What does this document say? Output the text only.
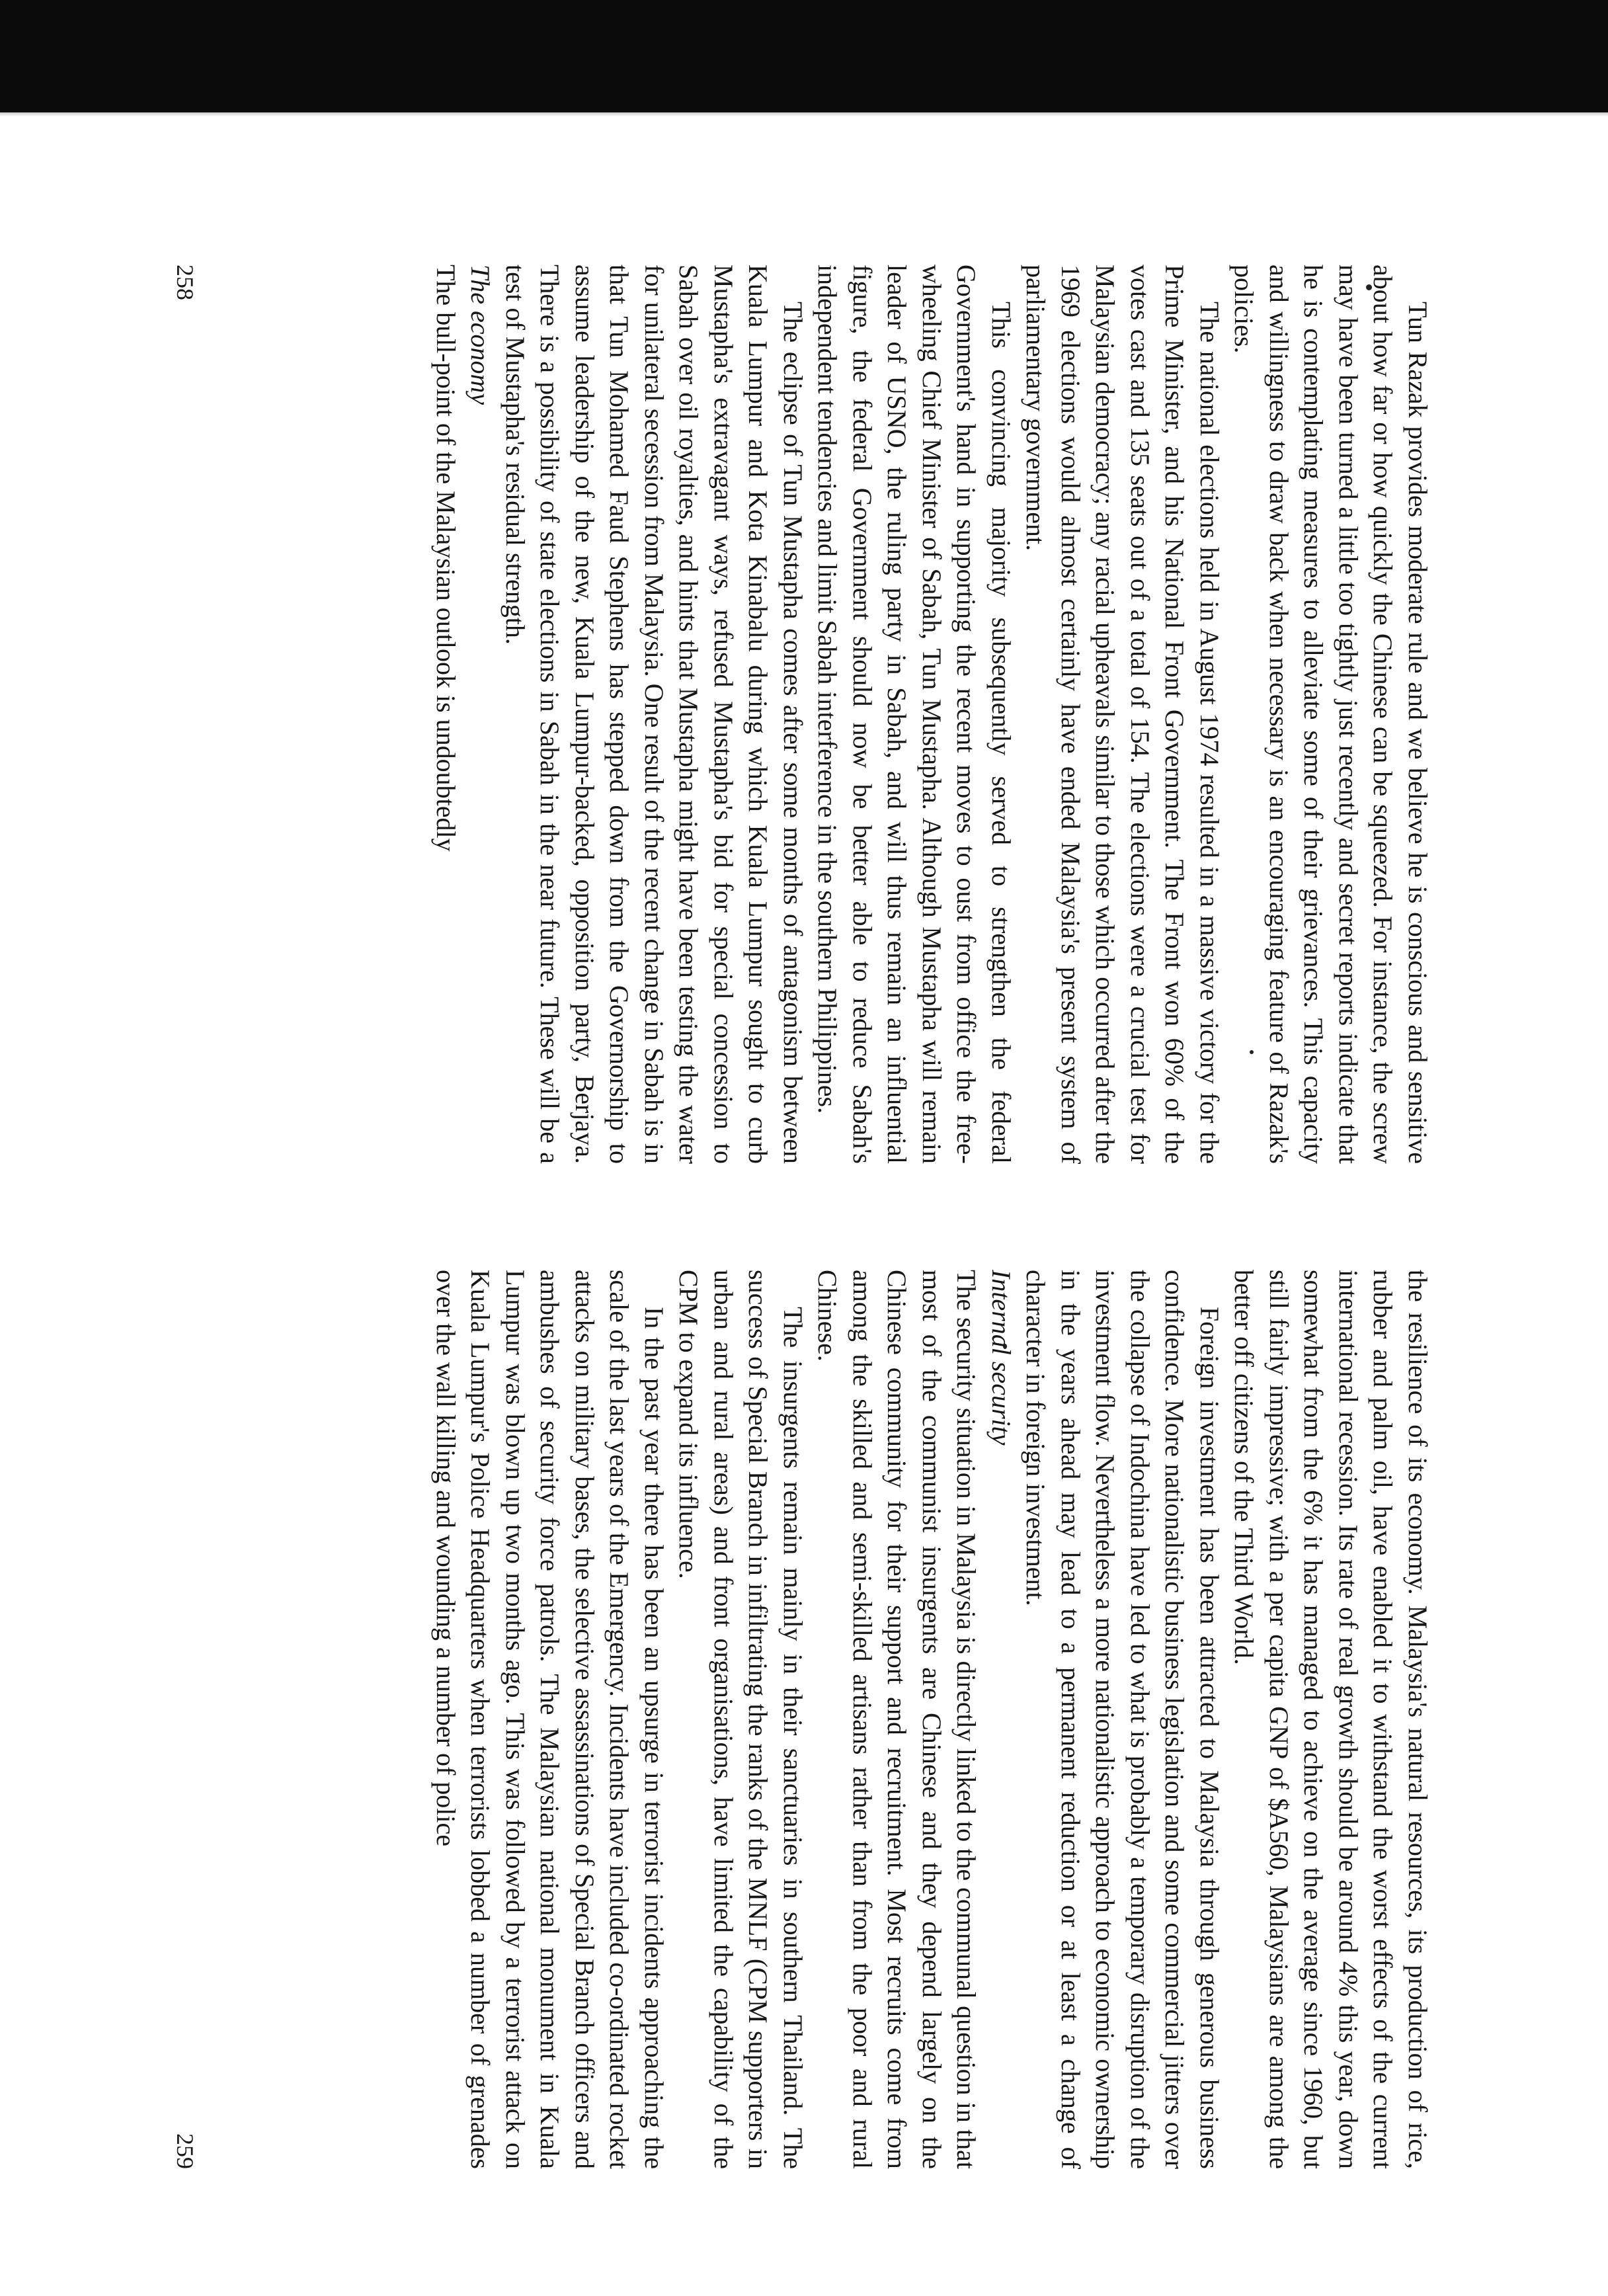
Tun Razak provides moderate rule and we believe he is conscious and sensitive about how far or how quickly the Chinese can be squeezed. For instance, the screw may have been turned a little too tightly just recently and secret reports indicate that he is contemplating measures to alleviate some of their grievances. This capacity and willingness to draw back when necessary is an encouraging feature of Razak's policies.

The national elections held in August 1974 resulted in a massive victory for the Prime Minister, and his National Front Government. The Front won 60% of the votes cast and 135 seats out of a total of 154. The elections were a crucial test for Malaysian democracy; any racial upheavals similar to those which occurred after the 1969 elections would almost certainly have ended Malaysia's present system of parliamentary government.

This convincing majority subsequently served to strengthen the federal Government's hand in supporting the recent moves to oust from office the free-wheeling Chief Minister of Sabah, Tun Mustapha. Although Mustapha will remain leader of USNO, the ruling party in Sabah, and will thus remain an influential figure, the federal Government should now be better able to reduce Sabah's independent tendencies and limit Sabah interference in the southern Philippines.

The eclipse of Tun Mustapha comes after some months of antagonism between Kuala Lumpur and Kota Kinabalu during which Kuala Lumpur sought to curb Mustapha's extravagant ways, refused Mustapha's bid for special concession to Sabah over oil royalties, and hints that Mustapha might have been testing the water for unilateral secession from Malaysia. One result of the recent change in Sabah is in that Tun Mohamed Faud Stephens has stepped down from the Governorship to assume leadership of the new, Kuala Lumpur-backed, opposition party, Berjaya. There is a possibility of state elections in Sabah in the near future. These will be a test of Mustapha's residual strength.

The economy

The bull-point of the Malaysian outlook is undoubtedly

258

the resilience of its economy. Malaysia's natural resources, its production of rice, rubber and palm oil, have enabled it to withstand the worst effects of the current international recession. Its rate of real growth should be around 4% this year, down somewhat from the 6% it has managed to achieve on the average since 1960, but still fairly impressive; with a per capita GNP of $A560, Malaysians are among the better off citizens of the Third World.

Foreign investment has been attracted to Malaysia through generous business confidence. More nationalistic business legislation and some commercial jitters over the collapse of Indochina have led to what is probably a temporary disruption of the investment flow. Nevertheless a more nationalistic approach to economic ownership in the years ahead may lead to a permanent reduction or at least a change of character in foreign investment.

Internal security

The security situation in Malaysia is directly linked to the communal question in that most of the communist insurgents are Chinese and they depend largely on the Chinese community for their support and recruitment. Most recruits come from among the skilled and semi-skilled artisans rather than from the poor and rural Chinese.

The insurgents remain mainly in their sanctuaries in southern Thailand. The success of Special Branch in infiltrating the ranks of the MNLF (CPM supporters in urban and rural areas) and front organisations, have limited the capability of the CPM to expand its influence.

In the past year there has been an upsurge in terrorist incidents approaching the scale of the last years of the Emergency. Incidents have included co-ordinated rocket attacks on military bases, the selective assassinations of Special Branch officers and ambushes of security force patrols. The Malaysian national monument in Kuala Lumpur was blown up two months ago. This was followed by a terrorist attack on Kuala Lumpur's Police Headquarters when terrorists lobbed a number of grenades over the wall killing and wounding a number of police

259
